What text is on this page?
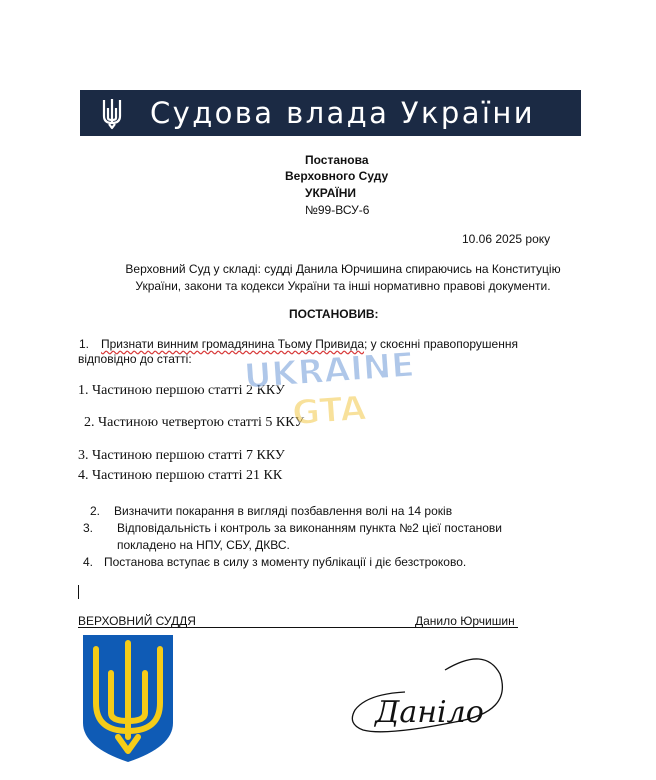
Судова влада України
Постанова
Верховного Суду
УКРАЇНИ
№99-ВСУ-6
10.06 2025 року
Верховний Суд у складі: судді Данила Юрчишина спираючись на Конституцію
України, закони та кодекси України та інші нормативно правові документи.
ПОСТАНОВИВ:
1. Признати винним громадянина Тьому Привида; у скоєнні правопорушення
відповідно до статті:
1. Частиною першою статті 2 ККУ
2. Частиною четвертою статті 5 ККУ
3. Частиною першою статті 7 ККУ
4. Частиною першою статті 21 КК
UKRAINE
GTA
2. Визначити покарання в вигляді позбавлення волі на 14 років
3. Відповідальність і контроль за виконанням пункта №2 цієї постанови
покладено на НПУ, СБУ, ДКВС.
4. Постанова вступає в силу з моменту публікації і діє безстроково.
ВЕРХОВНИЙ СУДДЯ	Данило Юрчишин
Даніло
